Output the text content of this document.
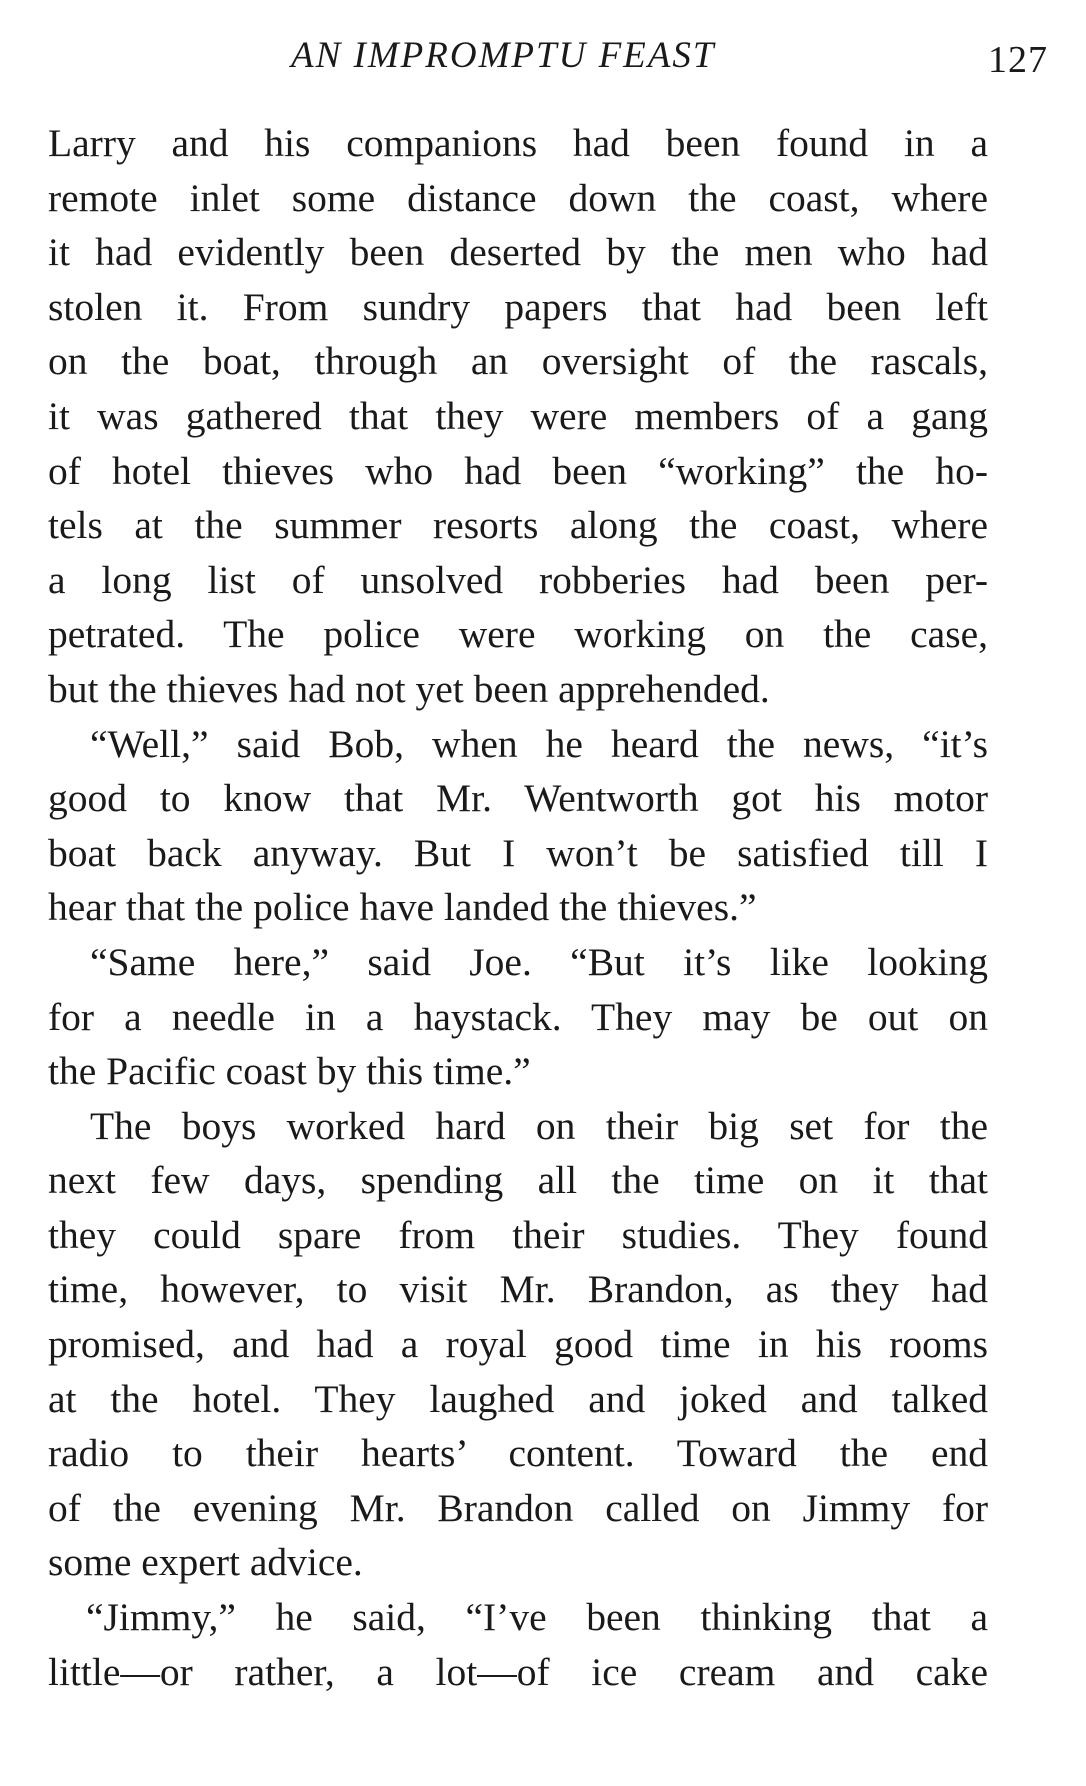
AN IMPROMPTU FEAST	127
Larry and his companions had been found in a
remote inlet some distance down the coast, where
it had evidently been deserted by the men who had
stolen it. From sundry papers that had been left
on the boat, through an oversight of the rascals,
it was gathered that they were members of a gang
of hotel thieves who had been “working” the ho-
tels at the summer resorts along the coast, where
a long list of unsolved robberies had been per-
petrated. The police were working on the case,
but the thieves had not yet been apprehended.
“Well,” said Bob, when he heard the news, “it’s
good to know that Mr. Wentworth got his motor
boat back anyway. But I won’t be satisfied till I
hear that the police have landed the thieves.”
“Same here,” said Joe. “But it’s like looking
for a needle in a haystack. They may be out on
the Pacific coast by this time.”
The boys worked hard on their big set for the
next few days, spending all the time on it that
they could spare from their studies. They found
time, however, to visit Mr. Brandon, as they had
promised, and had a royal good time in his rooms
at the hotel. They laughed and joked and talked
radio to their hearts’ content. Toward the end
of the evening Mr. Brandon called on Jimmy for
some expert advice.
“Jimmy,” he said, “I’ve been thinking that a
little—or rather, a lot—of ice cream and cake
